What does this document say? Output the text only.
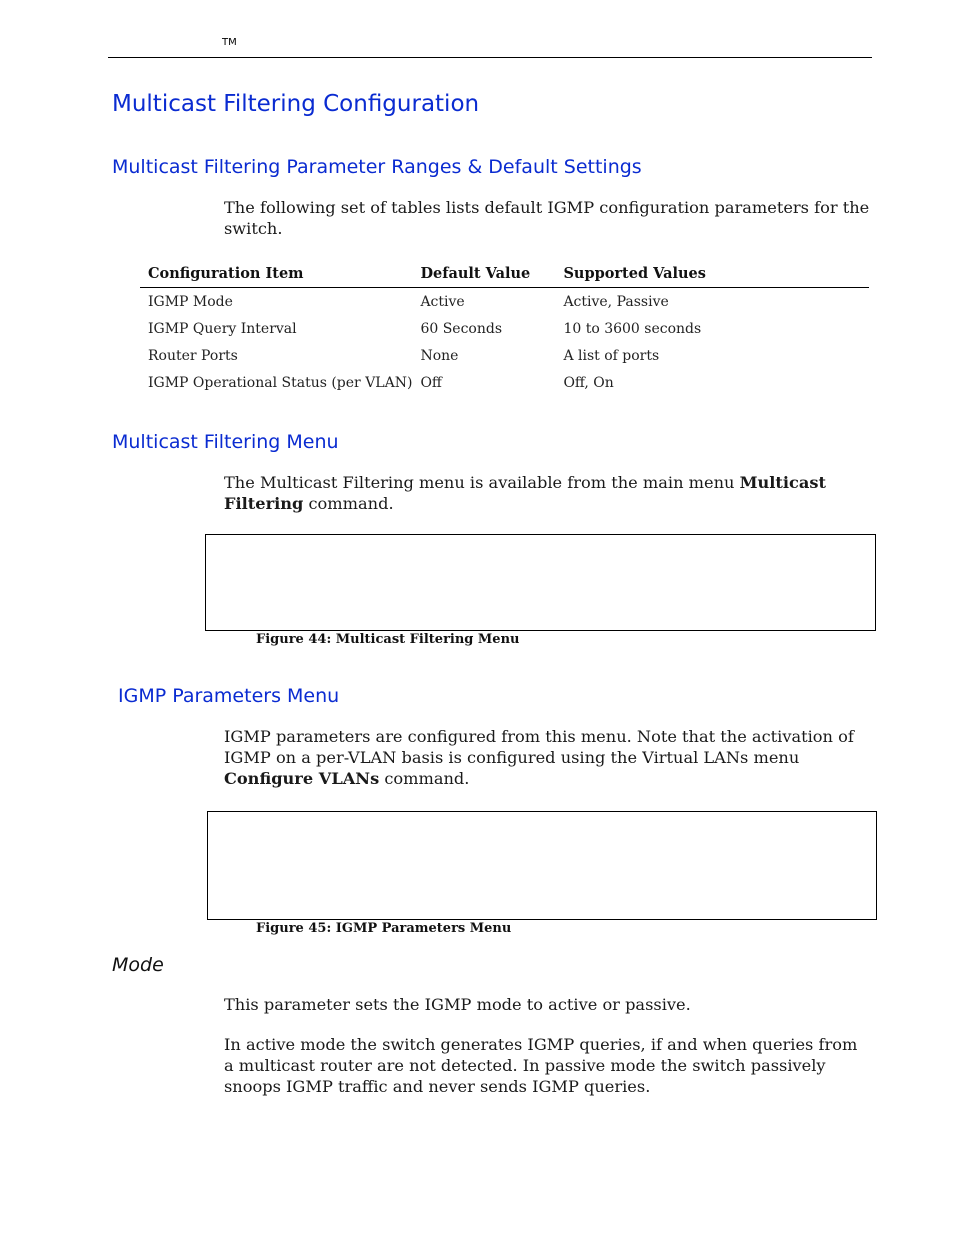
TM
Multicast Filtering Configuration
Multicast Filtering Parameter Ranges & Default Settings

The following set of tables lists default IGMP configuration parameters for the switch.

Configuration Item	Default Value	Supported Values
IGMP Mode	Active	Active, Passive
IGMP Query Interval	60 Seconds	10 to 3600 seconds
Router Ports	None	A list of ports
IGMP Operational Status (per VLAN)	Off	Off, On
Multicast Filtering Menu

The Multicast Filtering menu is available from the main menu Multicast Filtering command.

Figure 44: Multicast Filtering Menu

IGMP Parameters Menu

IGMP parameters are configured from this menu. Note that the activation of IGMP on a per-VLAN basis is configured using the Virtual LANs menu Configure VLANs command.

Figure 45: IGMP Parameters Menu

Mode

This parameter sets the IGMP mode to active or passive.

In active mode the switch generates IGMP queries, if and when queries from a multicast router are not detected. In passive mode the switch passively snoops IGMP traffic and never sends IGMP queries.
